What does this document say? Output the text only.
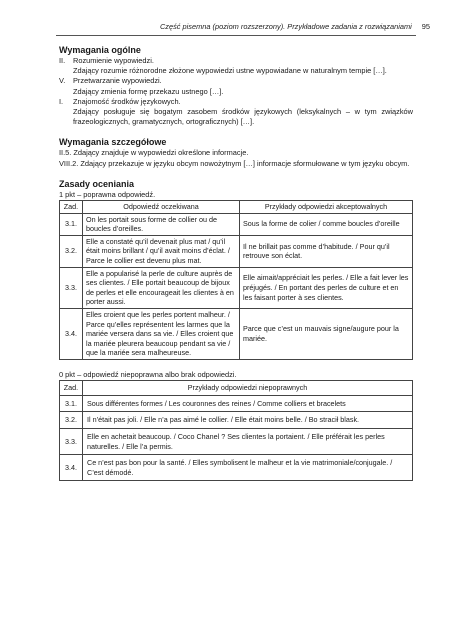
Część pisemna (poziom rozszerzony). Przykładowe zadania z rozwiązaniami 95
Wymagania ogólne
II.	Rozumienie wypowiedzi.

Zdający rozumie różnorodne złożone wypowiedzi ustne wypowiadane w naturalnym tempie […].

V.	Przetwarzanie wypowiedzi.

Zdający zmienia formę przekazu ustnego […].

I.	Znajomość środków językowych.

Zdający posługuje się bogatym zasobem środków językowych (leksykalnych – w tym związków frazeologicznych, gramatycznych, ortograficznych) […].

Wymagania szczegółowe

II.5. Zdający znajduje w wypowiedzi określone informacje.

VIII.2. Zdający przekazuje w języku obcym nowożytnym […] informacje sformułowane w tym języku obcym.

Zasady oceniania

1 pkt – poprawna odpowiedź.

Zad.	Odpowiedź oczekiwana	Przykłady odpowiedzi akceptowalnych
3.1.	On les portait sous forme de collier ou de boucles d’oreilles.	Sous la forme de colier / comme boucles d’oreille
3.2.	Elle a constaté qu’il devenait plus mat / qu’il était moins brillant / qu’il avait moins d’éclat. / Parce le collier est devenu plus mat.	Il ne brillait pas comme d’habitude. / Pour qu’il retrouve son éclat.
3.3.	Elle a popularisé la perle de culture auprès de ses clientes. / Elle portait beaucoup de bijoux de perles et elle encourageait les clientes à en porter aussi.	Elle aimait/appréciait les perles. / Elle a fait lever les préjugés. / En portant des perles de culture et en les faisant porter à ses clientes.
3.4.	Elles croient que les perles portent malheur. / Parce qu’elles représentent les larmes que la mariée versera dans sa vie. / Elles croient que la mariée pleurera beaucoup pendant sa vie / que la mariée sera malheureuse.	Parce que c’est un mauvais signe/augure pour la mariée.

0 pkt – odpowiedź niepoprawna albo brak odpowiedzi.

Zad.	Przykłady odpowiedzi niepoprawnych
3.1.	Sous différentes formes / Les couronnes des reines / Comme colliers et bracelets
3.2.	Il n’était pas joli. / Elle n’a pas aimé le collier. / Elle était moins belle. / Bo stracił blask.
3.3.	Elle en achetait beaucoup. / Coco Chanel ? Ses clientes la portaient. / Elle préférait les perles naturelles. / Elle l’a permis.
3.4.	Ce n’est pas bon pour la santé. / Elles symbolisent le malheur et la vie matrimoniale/conjugale. / C’est démodé.
